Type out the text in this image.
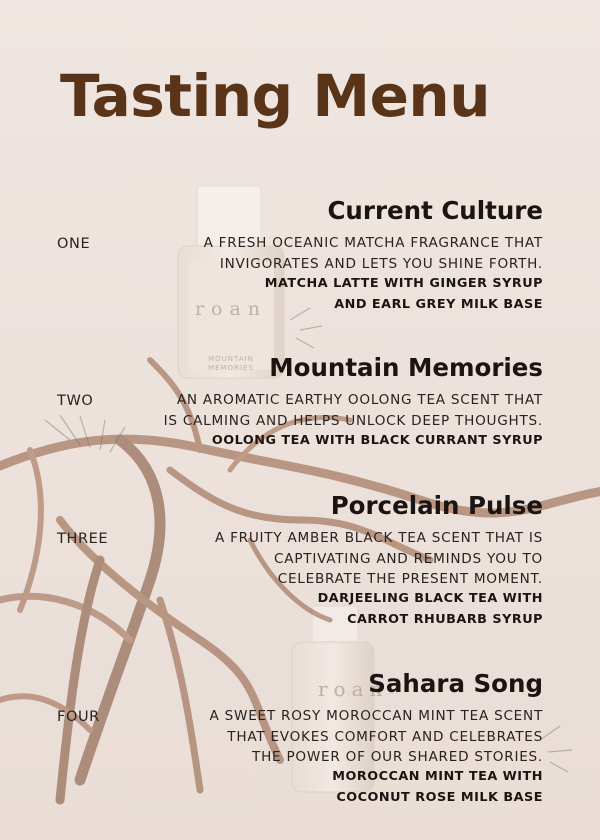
roan
MOUNTAIN
MEMORIES
roan
Tasting Menu
Current Culture
ONE	A FRESH OCEANIC MATCHA FRAGRANCE THAT
INVIGORATES AND LETS YOU SHINE FORTH.
MATCHA LATTE WITH GINGER SYRUP
AND EARL GREY MILK BASE
Mountain Memories
TWO	AN AROMATIC EARTHY OOLONG TEA SCENT THAT
IS CALMING AND HELPS UNLOCK DEEP THOUGHTS.
OOLONG TEA WITH BLACK CURRANT SYRUP
Porcelain Pulse
THREE	A FRUITY AMBER BLACK TEA SCENT THAT IS
CAPTIVATING AND REMINDS YOU TO
CELEBRATE THE PRESENT MOMENT.
DARJEELING BLACK TEA WITH
CARROT RHUBARB SYRUP
Sahara Song
FOUR	A SWEET ROSY MOROCCAN MINT TEA SCENT
THAT EVOKES COMFORT AND CELEBRATES
THE POWER OF OUR SHARED STORIES.
MOROCCAN MINT TEA WITH
COCONUT ROSE MILK BASE
